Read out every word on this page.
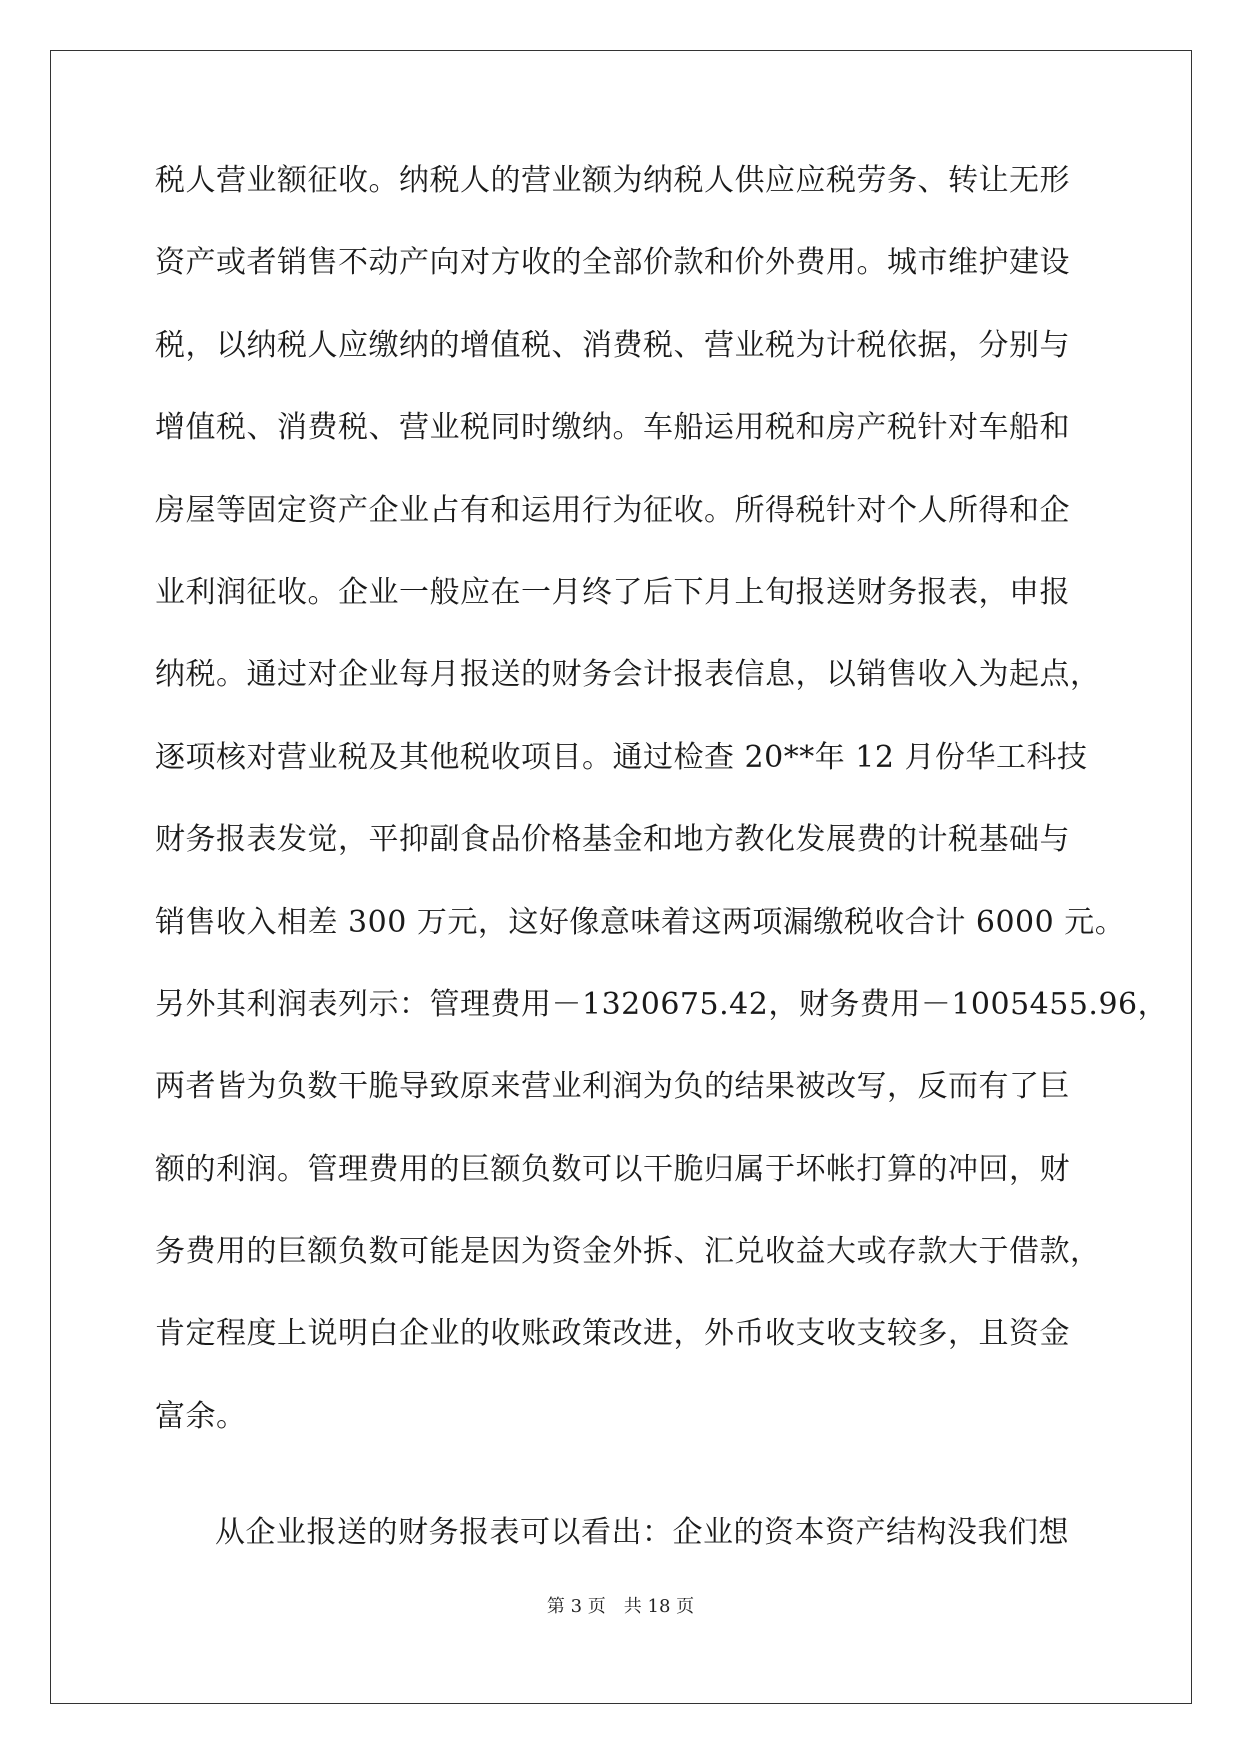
税人营业额征收。纳税人的营业额为纳税人供应应税劳务、转让无形
资产或者销售不动产向对方收的全部价款和价外费用。城市维护建设
税，以纳税人应缴纳的增值税、消费税、营业税为计税依据，分别与
增值税、消费税、营业税同时缴纳。车船运用税和房产税针对车船和
房屋等固定资产企业占有和运用行为征收。所得税针对个人所得和企
业利润征收。企业一般应在一月终了后下月上旬报送财务报表，申报
纳税。通过对企业每月报送的财务会计报表信息，以销售收入为起点，
逐项核对营业税及其他税收项目。通过检查 20**年 12 月份华工科技
财务报表发觉，平抑副食品价格基金和地方教化发展费的计税基础与
销售收入相差 300 万元，这好像意味着这两项漏缴税收合计 6000 元。
另外其利润表列示：管理费用－1320675.42，财务费用－1005455.96，
两者皆为负数干脆导致原来营业利润为负的结果被改写，反而有了巨
额的利润。管理费用的巨额负数可以干脆归属于坏帐打算的冲回，财
务费用的巨额负数可能是因为资金外拆、汇兑收益大或存款大于借款，
肯定程度上说明白企业的收账政策改进，外币收支收支较多，且资金
富余。
从企业报送的财务报表可以看出：企业的资本资产结构没我们想
第 3 页 共 18 页
